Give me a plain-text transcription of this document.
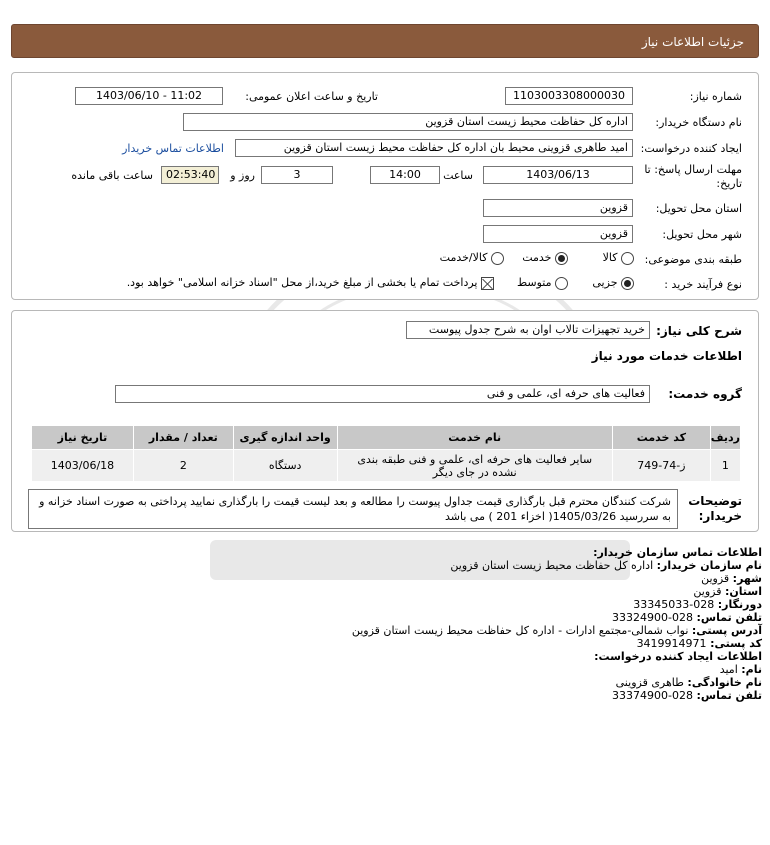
جزئیات اطلاعات نیاز
شماره نیاز:
1103003308000030
تاریخ و ساعت اعلان عمومی:
1403/06/10 - 11:02
نام دستگاه خریدار:
اداره کل حفاظت محیط زیست استان قزوین
ایجاد کننده درخواست:
امید طاهری قزوینی محیط بان اداره کل حفاظت محیط زیست استان قزوین
اطلاعات تماس خریدار
مهلت ارسال پاسخ: تا
تاریخ:
1403/06/13
ساعت
14:00
3
روز و
02:53:40
ساعت باقی مانده
استان محل تحویل:
قزوین
شهر محل تحویل:
قزوین
طبقه بندی موضوعی:
کالا
خدمت
کالا/خدمت
نوع فرآیند خرید :
جزیی
متوسط
پرداخت تمام یا بخشی از مبلغ خرید،از محل "اسناد خزانه اسلامی" خواهد بود.
شرح کلی نیاز:
خرید تجهیزات تالاب اوان به شرح جدول پیوست
اطلاعات خدمات مورد نیاز
گروه خدمت:
فعالیت های حرفه ای، علمی و فنی
ردیف	کد خدمت	نام خدمت	واحد اندازه گیری	تعداد / مقدار	تاریخ نیاز
1	ز-74-749	سایر فعالیت های حرفه ای، علمی و فنی طبقه بندی نشده در جای دیگر	دستگاه	2	1403/06/18
توضیحات
خریدار:
شرکت کنندگان محترم قبل بارگذاری قیمت جداول پیوست را مطالعه و بعد لیست قیمت را بارگذاری نمایید پرداختی به صورت اسناد خزانه و به سررسید 1405/03/26( اخزاء 201 ) می باشد
اطلاعات تماس سازمان خریدار:
نام سازمان خریدار: اداره کل حفاظت محیط زیست استان قزوین
شهر: قزوین
استان: قزوین
دورنگار: 028-33345033
تلفن تماس: 028-33324900
آدرس پستی: نواب شمالی-مجتمع ادارات - اداره کل حفاظت محیط زیست استان قزوین
کد پستی: 3419914971
اطلاعات ایجاد کننده درخواست:
نام: امید
نام خانوادگی: طاهری قزوینی
تلفن تماس: 028-33374900
